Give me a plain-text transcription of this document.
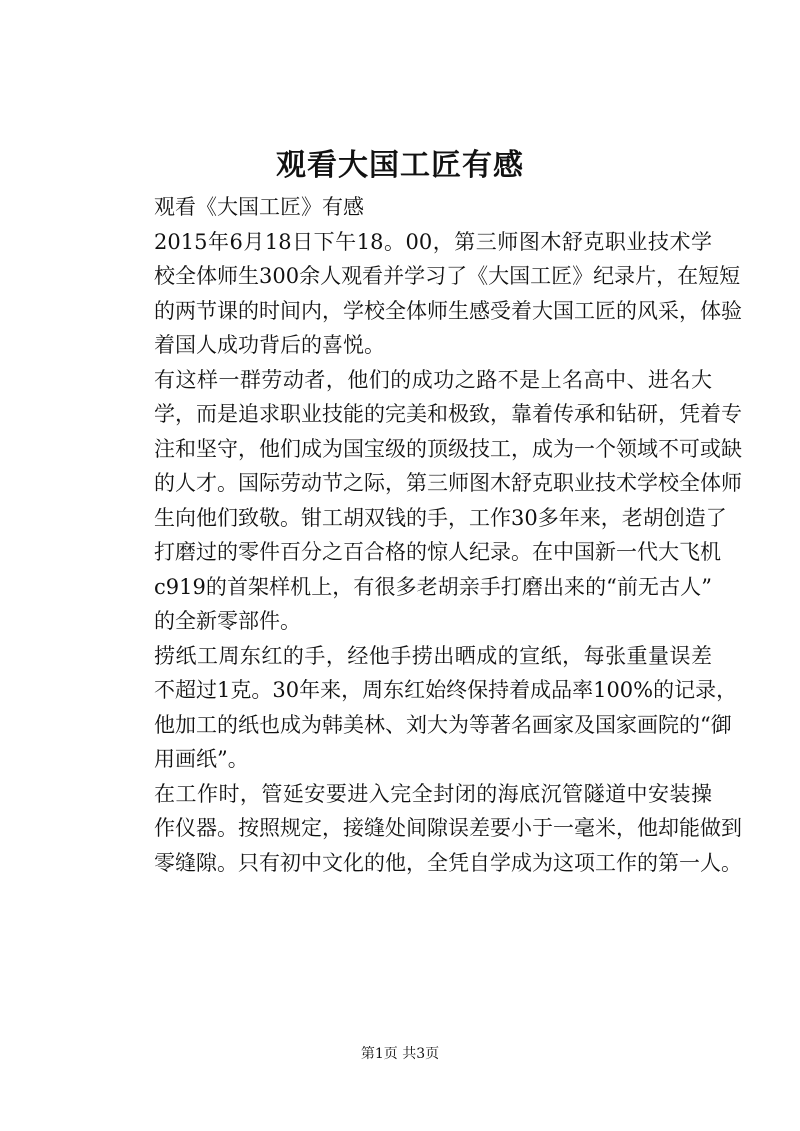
观看大国工匠有感

观看《大国工匠》有感

2015年6月18日下午18。00，第三师图木舒克职业技术学
校全体师生300余人观看并学习了《大国工匠》纪录片，在短短
的两节课的时间内，学校全体师生感受着大国工匠的风采，体验
着国人成功背后的喜悦。

有这样一群劳动者，他们的成功之路不是上名高中、进名大
学，而是追求职业技能的完美和极致，靠着传承和钻研，凭着专
注和坚守，他们成为国宝级的顶级技工，成为一个领域不可或缺
的人才。国际劳动节之际，第三师图木舒克职业技术学校全体师
生向他们致敬。钳工胡双钱的手，工作30多年来，老胡创造了
打磨过的零件百分之百合格的惊人纪录。在中国新一代大飞机
c919的首架样机上，有很多老胡亲手打磨出来的“前无古人”
的全新零部件。

捞纸工周东红的手，经他手捞出晒成的宣纸，每张重量误差
不超过1克。30年来，周东红始终保持着成品率100%的记录，
他加工的纸也成为韩美林、刘大为等著名画家及国家画院的“御
用画纸”。

在工作时，管延安要进入完全封闭的海底沉管隧道中安装操
作仪器。按照规定，接缝处间隙误差要小于一毫米，他却能做到
零缝隙。只有初中文化的他，全凭自学成为这项工作的第一人。

第1页 共3页
